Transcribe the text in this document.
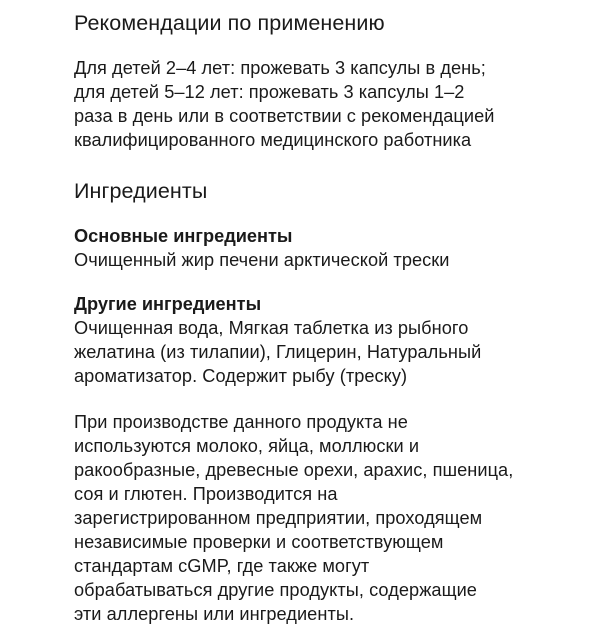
Рекомендации по применению

Для детей 2–4 лет: прожевать 3 капсулы в день;
для детей 5–12 лет: прожевать 3 капсулы 1–2
раза в день или в соответствии с рекомендацией
квалифицированного медицинского работника

Ингредиенты

Основные ингредиенты

Очищенный жир печени арктической трески

Другие ингредиенты

Очищенная вода, Мягкая таблетка из рыбного
желатина (из тилапии), Глицерин, Натуральный
ароматизатор. Содержит рыбу (треску)

При производстве данного продукта не
используются молоко, яйца, моллюски и
ракообразные, древесные орехи, арахис, пшеница,
соя и глютен. Производится на
зарегистрированном предприятии, проходящем
независимые проверки и соответствующем
стандартам cGMP, где также могут
обрабатываться другие продукты, содержащие
эти аллергены или ингредиенты.
